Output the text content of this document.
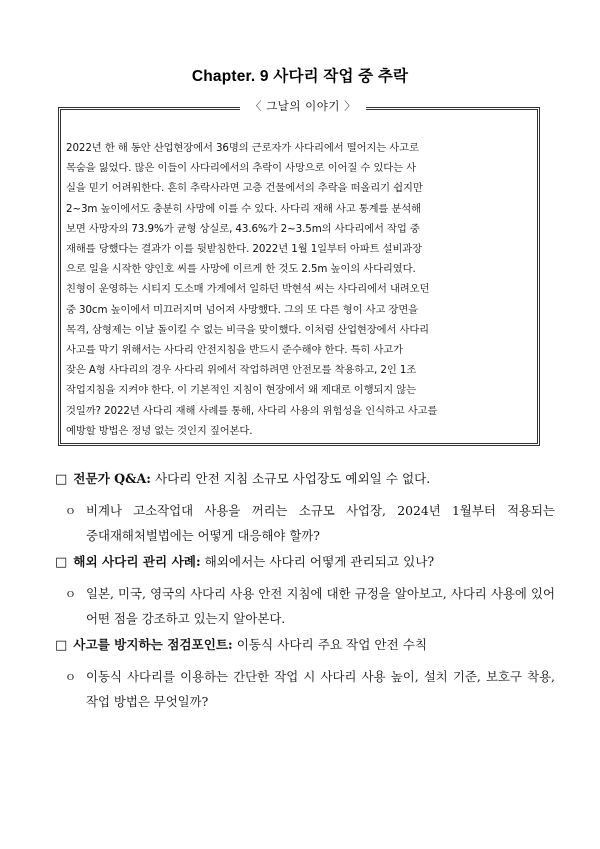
Chapter. 9 사다리 작업 중 추락
〈 그날의 이야기 〉
2022년 한 해 동안 산업현장에서 36명의 근로자가 사다리에서 떨어지는 사고로
목숨을 잃었다. 많은 이들이 사다리에서의 추락이 사망으로 이어질 수 있다는 사
실을 믿기 어려워한다. 흔히 추락사라면 고층 건물에서의 추락을 떠올리기 쉽지만
2~3m 높이에서도 충분히 사망에 이를 수 있다. 사다리 재해 사고 통계를 분석해
보면 사망자의 73.9%가 균형 상실로, 43.6%가 2~3.5m의 사다리에서 작업 중
재해를 당했다는 결과가 이를 뒷받침한다. 2022년 1월 1일부터 아파트 설비과장
으로 일을 시작한 양인호 씨를 사망에 이르게 한 것도 2.5m 높이의 사다리였다.
친형이 운영하는 시티지 도소매 가게에서 일하던 박현석 씨는 사다리에서 내려오던
중 30cm 높이에서 미끄러지며 넘어져 사망했다. 그의 또 다른 형이 사고 장면을
목격, 삼형제는 이날 돌이킬 수 없는 비극을 맞이했다. 이처럼 산업현장에서 사다리
사고를 막기 위해서는 사다리 안전지침을 반드시 준수해야 한다. 특히 사고가
잦은 A형 사다리의 경우 사다리 위에서 작업하려면 안전모를 착용하고, 2인 1조
작업지침을 지켜야 한다. 이 기본적인 지침이 현장에서 왜 제대로 이행되지 않는
것일까? 2022년 사다리 재해 사례를 통해, 사다리 사용의 위험성을 인식하고 사고를
예방할 방법은 정녕 없는 것인지 짚어본다.
□ 전문가 Q&A: 사다리 안전 지침 소규모 사업장도 예외일 수 없다.
ｏ 비계나 고소작업대 사용을 꺼리는 소규모 사업장, 2024년 1월부터 적용되는 중대재해처벌법에는 어떻게 대응해야 할까?
□ 해외 사다리 관리 사례: 해외에서는 사다리 어떻게 관리되고 있나?
ｏ 일본, 미국, 영국의 사다리 사용 안전 지침에 대한 규정을 알아보고, 사다리 사용에 있어 어떤 점을 강조하고 있는지 알아본다.
□ 사고를 방지하는 점검포인트: 이동식 사다리 주요 작업 안전 수칙
ｏ 이동식 사다리를 이용하는 간단한 작업 시 사다리 사용 높이, 설치 기준, 보호구 착용, 작업 방법은 무엇일까?
